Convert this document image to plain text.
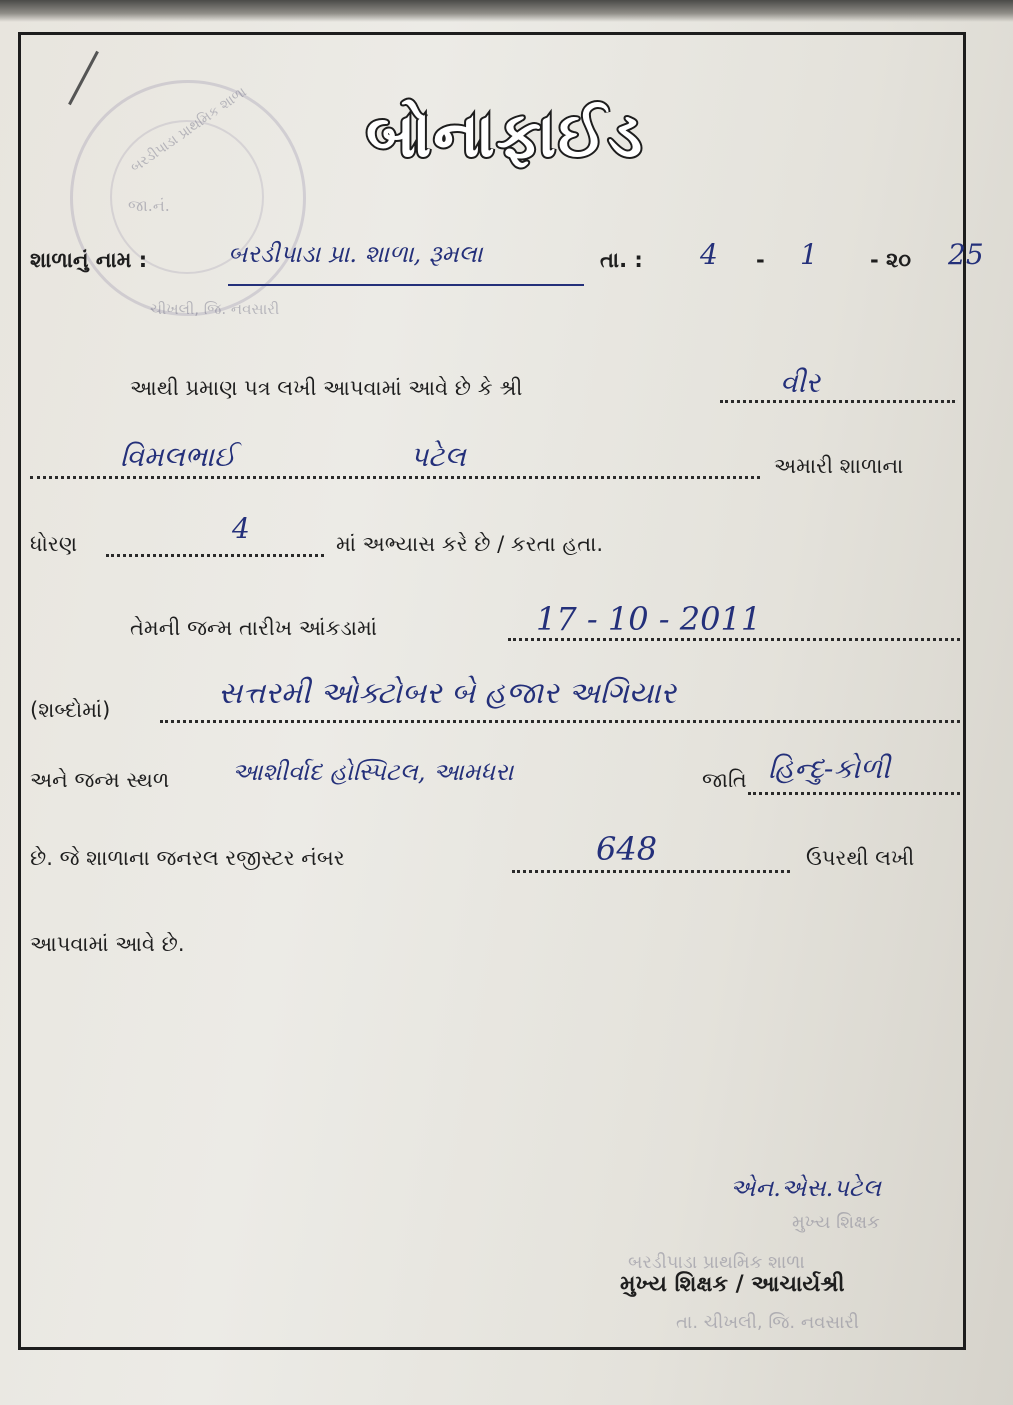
જા.નં.
બરડીપાડા પ્રાથમિક શાળા
ચીખલી, જિ. નવસારી
બોનાફાઈડ
શાળાનું નામ :	બરડીપાડા પ્રા. શાળા, રૂમલા	તા. : 4 - 1 - ૨૦ 25
આથી પ્રમાણ પત્ર લખી આપવામાં આવે છે કે શ્રી	વીર
વિમલભાઈ	પટેલ	અમારી શાળાના
ધોરણ	4	માં અભ્યાસ કરે છે / કરતા હતા.
તેમની જન્મ તારીખ આંકડામાં	17 - 10 - 2011
(શબ્દોમાં)	સત્તરમી ઓક્ટોબર બે હજાર અગિયાર
અને જન્મ સ્થળ	આશીર્વાદ હોસ્પિટલ, આમધરા	જાતિ હિન્દુ-કોળી
છે. જે શાળાના જનરલ રજીસ્ટર નંબર	648	ઉપરથી લખી
આપવામાં આવે છે.
એન.એસ.પટેલ
મુખ્ય શિક્ષક
બરડીપાડા પ્રાથમિક શાળા
મુખ્ય શિક્ષક / આચાર્યશ્રી
તા. ચીખલી, જિ. નવસારી
